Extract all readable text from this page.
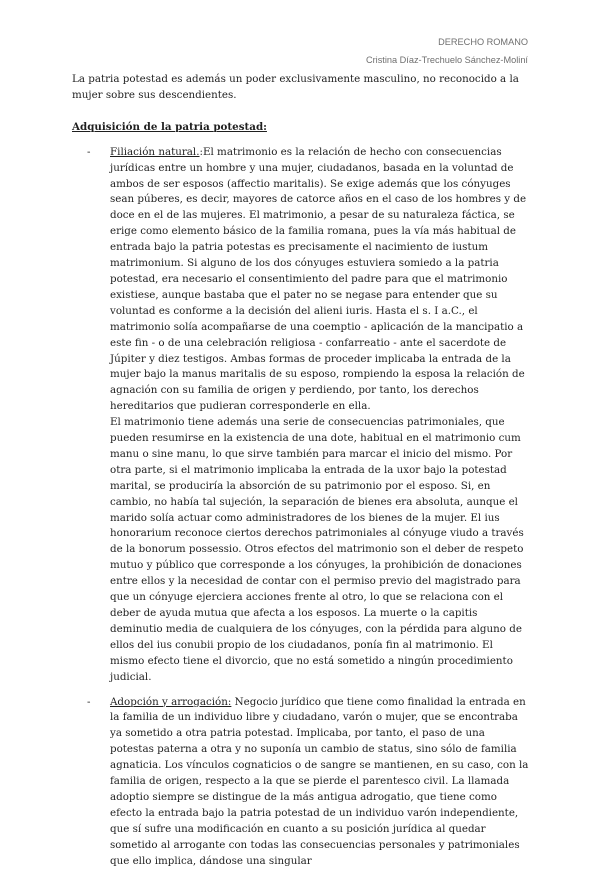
DERECHO ROMANO
Cristina Díaz-Trechuelo Sánchez-Moliní

La patria potestad es además un poder exclusivamente masculino, no reconocido a la mujer sobre sus descendientes.

Adquisición de la patria potestad:

- Filiación natural.:El matrimonio es la relación de hecho con consecuencias jurídicas entre un hombre y una mujer, ciudadanos, basada en la voluntad de ambos de ser esposos (affectio maritalis). Se exige además que los cónyuges sean púberes, es decir, mayores de catorce años en el caso de los hombres y de doce en el de las mujeres. El matrimonio, a pesar de su naturaleza fáctica, se erige como elemento básico de la familia romana, pues la vía más habitual de entrada bajo la patria potestas es precisamente el nacimiento de iustum matrimonium. Si alguno de los dos cónyuges estuviera somiedo a la patria potestad, era necesario el consentimiento del padre para que el matrimonio existiese, aunque bastaba que el pater no se negase para entender que su voluntad es conforme a la decisión del alieni iuris. Hasta el s. I a.C., el matrimonio solía acompañarse de una coemptio - aplicación de la mancipatio a este fin - o de una celebración religiosa - confarreatio - ante el sacerdote de Júpiter y diez testigos. Ambas formas de proceder implicaba la entrada de la mujer bajo la manus maritalis de su esposo, rompiendo la esposa la relación de agnación con su familia de origen y perdiendo, por tanto, los derechos hereditarios que pudieran corresponderle en ella.

El matrimonio tiene además una serie de consecuencias patrimoniales, que pueden resumirse en la existencia de una dote, habitual en el matrimonio cum manu o sine manu, lo que sirve también para marcar el inicio del mismo. Por otra parte, si el matrimonio implicaba la entrada de la uxor bajo la potestad marital, se produciría la absorción de su patrimonio por el esposo. Si, en cambio, no había tal sujeción, la separación de bienes era absoluta, aunque el marido solía actuar como administradores de los bienes de la mujer. El ius honorarium reconoce ciertos derechos patrimoniales al cónyuge viudo a través de la bonorum possessio. Otros efectos del matrimonio son el deber de respeto mutuo y público que corresponde a los cónyuges, la prohibición de donaciones entre ellos y la necesidad de contar con el permiso previo del magistrado para que un cónyuge ejerciera acciones frente al otro, lo que se relaciona con el deber de ayuda mutua que afecta a los esposos. La muerte o la capitis deminutio media de cualquiera de los cónyuges, con la pérdida para alguno de ellos del ius conubii propio de los ciudadanos, ponía fin al matrimonio. El mismo efecto tiene el divorcio, que no está sometido a ningún procedimiento judicial.

- Adopción y arrogación: Negocio jurídico que tiene como finalidad la entrada en la familia de un individuo libre y ciudadano, varón o mujer, que se encontraba ya sometido a otra patria potestad. Implicaba, por tanto, el paso de una potestas paterna a otra y no suponía un cambio de status, sino sólo de familia agnaticia. Los vínculos cognaticios o de sangre se mantienen, en su caso, con la familia de origen, respecto a la que se pierde el parentesco civil. La llamada adoptio siempre se distingue de la más antigua adrogatio, que tiene como efecto la entrada bajo la patria potestad de un individuo varón independiente, que sí sufre una modificación en cuanto a su posición jurídica al quedar sometido al arrogante con todas las consecuencias personales y patrimoniales que ello implica, dándose una singular
